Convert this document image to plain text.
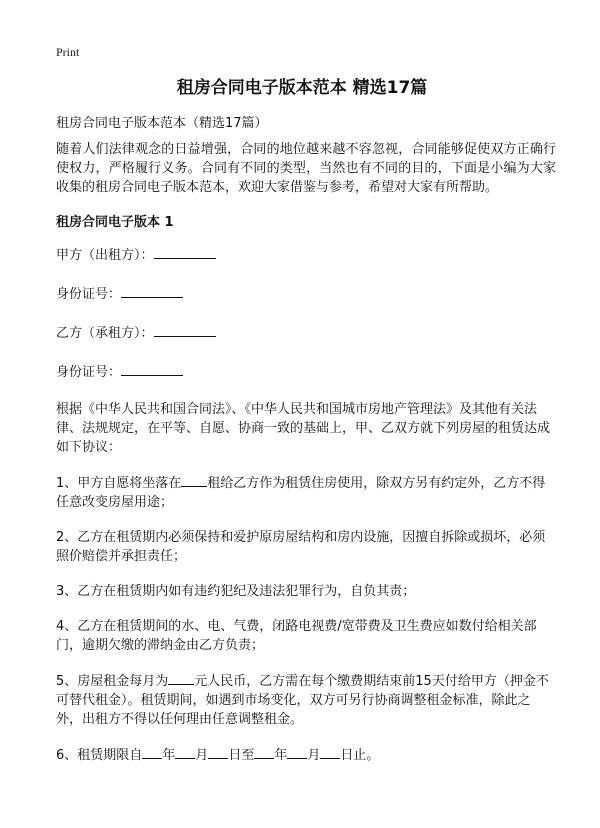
Print
租房合同电子版本范本 精选17篇
租房合同电子版本范本（精选17篇）
随着人们法律观念的日益增强，合同的地位越来越不容忽视，合同能够促使双方正确行使权力，严格履行义务。合同有不同的类型，当然也有不同的目的，下面是小编为大家收集的租房合同电子版本范本，欢迎大家借鉴与参考，希望对大家有所帮助。
租房合同电子版本 1
甲方（出租方）：
身份证号：
乙方（承租方）：
身份证号：
根据《中华人民共和国合同法》、《中华人民共和国城市房地产管理法》及其他有关法律、法规规定，在平等、自愿、协商一致的基础上，甲、乙双方就下列房屋的租赁达成如下协议：
1、甲方自愿将坐落在 租给乙方作为租赁住房使用，除双方另有约定外，乙方不得任意改变房屋用途；
2、乙方在租赁期内必须保持和爱护原房屋结构和房内设施，因擅自拆除或损坏，必须照价赔偿并承担责任；
3、乙方在租赁期内如有违约犯纪及违法犯罪行为，自负其责；
4、乙方在租赁期间的水、电、气费，闭路电视费/宽带费及卫生费应如数付给相关部门，逾期欠缴的滞纳金由乙方负责；
5、房屋租金每月为 元人民币，乙方需在每个缴费期结束前15天付给甲方（押金不可替代租金）。租赁期间，如遇到市场变化，双方可另行协商调整租金标准，除此之外，出租方不得以任何理由任意调整租金。
6、租赁期限自 年 月 日至 年 月 日止。
